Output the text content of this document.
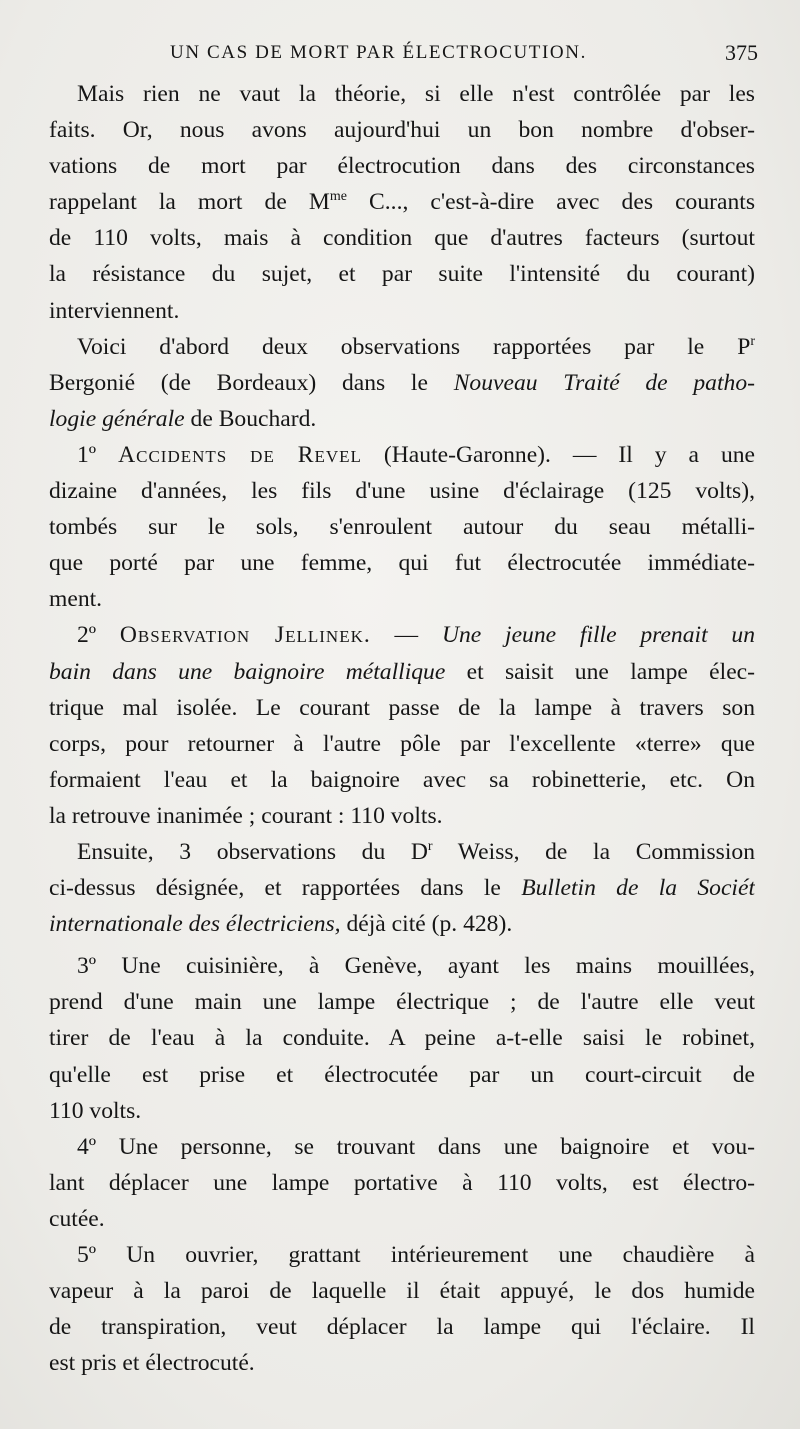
UN CAS DE MORT PAR ÉLECTROCUTION.	375
Mais rien ne vaut la théorie, si elle n'est contrôlée par les
faits. Or, nous avons aujourd'hui un bon nombre d'obser-
vations de mort par électrocution dans des circonstances
rappelant la mort de $M^{me}$ C..., c'est-à-dire avec des courants
de 110 volts, mais à condition que d'autres facteurs (surtout
la résistance du sujet, et par suite l'intensité du courant)
interviennent.
Voici d'abord deux observations rapportées par le $P^r$
Bergonié (de Bordeaux) dans le Nouveau Traité de patho-
logie générale de Bouchard.
1º Accidents de Revel (Haute-Garonne). — Il y a une
dizaine d'années, les fils d'une usine d'éclairage (125 volts),
tombés sur le sols, s'enroulent autour du seau métalli-
que porté par une femme, qui fut électrocutée immédiate-
ment.
2º Observation Jellinek. — Une jeune fille prenait un
bain dans une baignoire métallique et saisit une lampe élec-
trique mal isolée. Le courant passe de la lampe à travers son
corps, pour retourner à l'autre pôle par l'excellente «terre» que
formaient l'eau et la baignoire avec sa robinetterie, etc. On
la retrouve inanimée ; courant : 110 volts.
Ensuite, 3 observations du $D^r$ Weiss, de la Commission
ci-dessus désignée, et rapportées dans le Bulletin de la Sociét
internationale des électriciens, déjà cité (p. 428).
3º Une cuisinière, à Genève, ayant les mains mouillées,
prend d'une main une lampe électrique ; de l'autre elle veut
tirer de l'eau à la conduite. A peine a-t-elle saisi le robinet,
qu'elle est prise et électrocutée par un court-circuit de
110 volts.
4º Une personne, se trouvant dans une baignoire et vou-
lant déplacer une lampe portative à 110 volts, est électro-
cutée.
5º Un ouvrier, grattant intérieurement une chaudière à
vapeur à la paroi de laquelle il était appuyé, le dos humide
de transpiration, veut déplacer la lampe qui l'éclaire. Il
est pris et électrocuté.
